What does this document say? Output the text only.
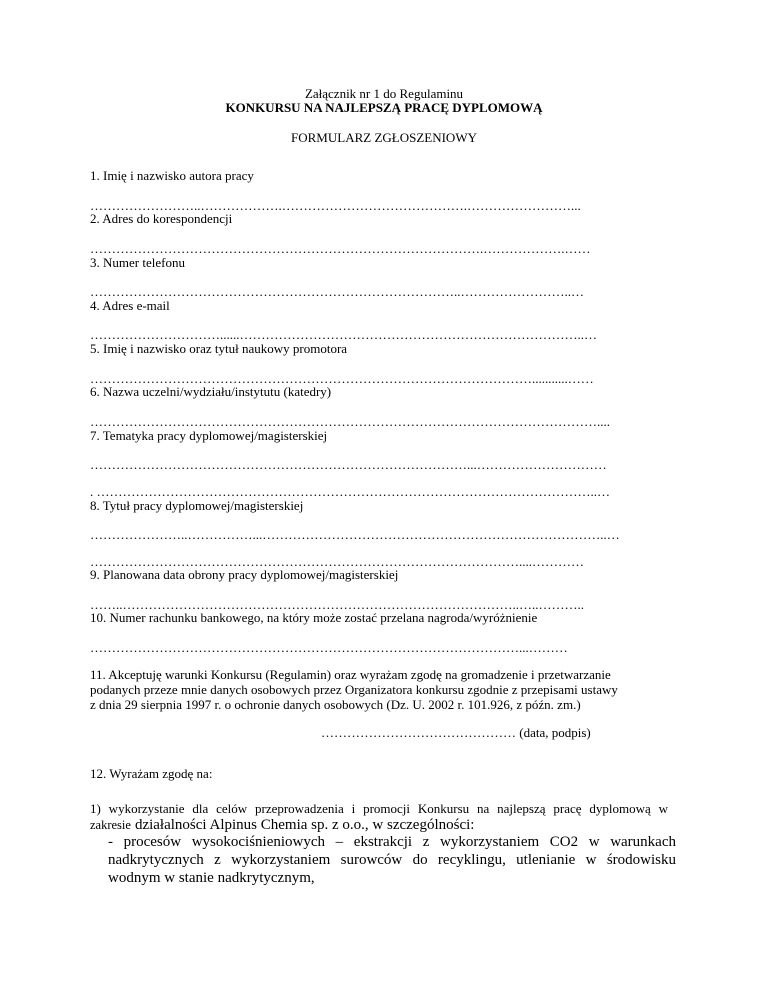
Załącznik nr 1 do Regulaminu
KONKURSU NA NAJLEPSZĄ PRACĘ DYPLOMOWĄ
FORMULARZ ZGŁOSZENIOWY
1. Imię i nazwisko autora pracy
……………………..……………….…………………………………….……………………...
2. Adres do korespondencji
……………………………………………………………………………….……………….……
3. Numer telefonu
…………………………………………………………………………..……………………..…
4. Adres e-mail
…………………………......……………………………………………………………………..…
5. Imię i nazwisko oraz tytuł naukowy promotora
…………………………………………………………………………………………...........……
6. Nazwa uczelni/wydziału/instytutu (katedry)
………………………………………………………………………………………………………....
7. Tematyka pracy dyplomowej/magisterskiej
……………………………………………………………………………...…………………………
. ……………………………………………………………………………………………………..…
8. Tytuł pracy dyplomowej/magisterskiej
…………………..……………...……………………………………………………………………..…
………………………………………………………………………………………....…………
9. Planowana data obrony pracy dyplomowej/magisterskiej
……..………………………………………………………………………………..…..………..
10. Numer rachunku bankowego, na który może zostać przelana nagroda/wyróżnienie
………………………………………………………………………………………...………
11. Akceptuję warunki Konkursu (Regulamin) oraz wyrażam zgodę na gromadzenie i przetwarzanie
podanych przeze mnie danych osobowych przez Organizatora konkursu zgodnie z przepisami ustawy
z dnia 29 sierpnia 1997 r. o ochronie danych osobowych (Dz. U. 2002 r. 101.926, z późn. zm.)
……………………………………… (data, podpis)
12. Wyrażam zgodę na:
1) wykorzystanie dla celów przeprowadzenia i promocji Konkursu na najlepszą pracę dyplomową w
zakresie działalności Alpinus Chemia sp. z o.o., w szczególności:
- procesów wysokociśnieniowych – ekstrakcji z wykorzystaniem CO2 w warunkach
nadkrytycznych z wykorzystaniem surowców do recyklingu, utlenianie w środowisku
wodnym w stanie nadkrytycznym,
